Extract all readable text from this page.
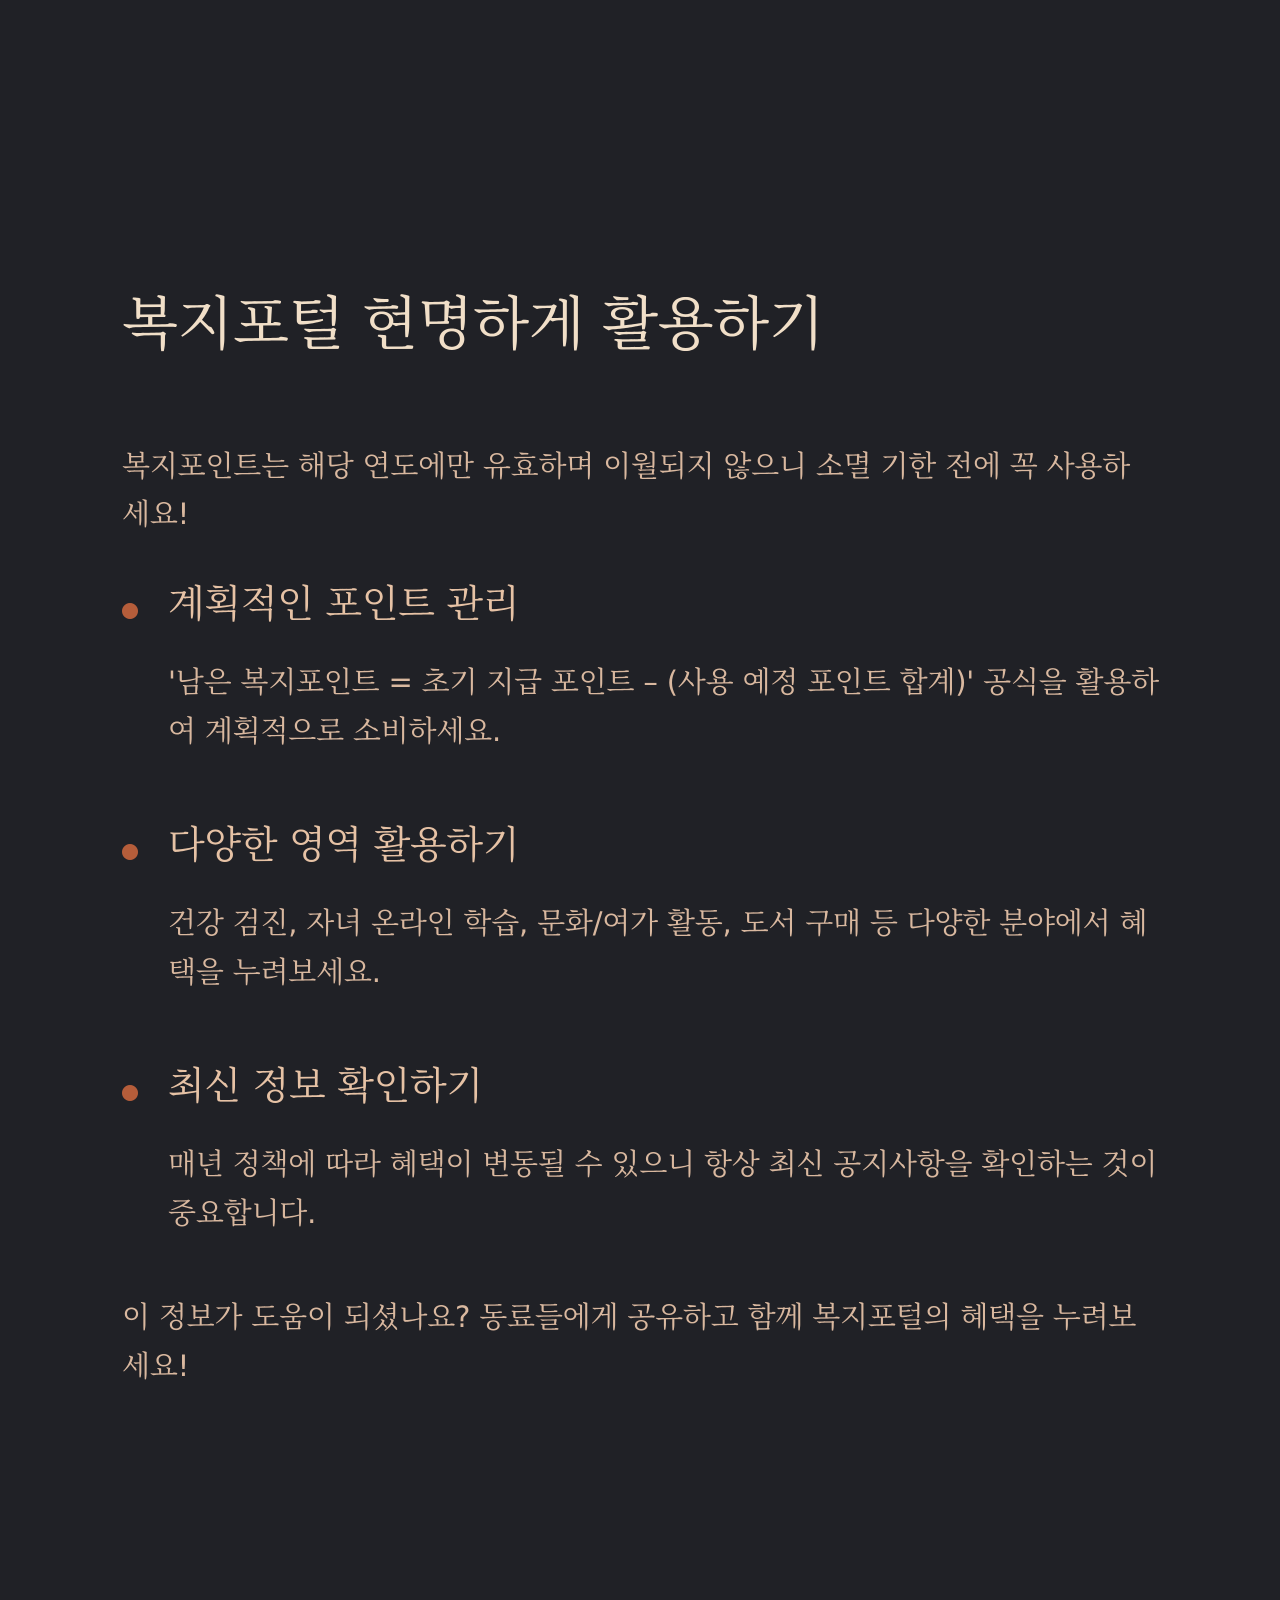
복지포털 현명하게 활용하기

복지포인트는 해당 연도에만 유효하며 이월되지 않으니 소멸 기한 전에 꼭 사용하세요!

계획적인 포인트 관리

'남은 복지포인트 = 초기 지급 포인트 – (사용 예정 포인트 합계)' 공식을 활용하여 계획적으로 소비하세요.

다양한 영역 활용하기

건강 검진, 자녀 온라인 학습, 문화/여가 활동, 도서 구매 등 다양한 분야에서 혜택을 누려보세요.

최신 정보 확인하기

매년 정책에 따라 혜택이 변동될 수 있으니 항상 최신 공지사항을 확인하는 것이 중요합니다.

이 정보가 도움이 되셨나요? 동료들에게 공유하고 함께 복지포털의 혜택을 누려보세요!
